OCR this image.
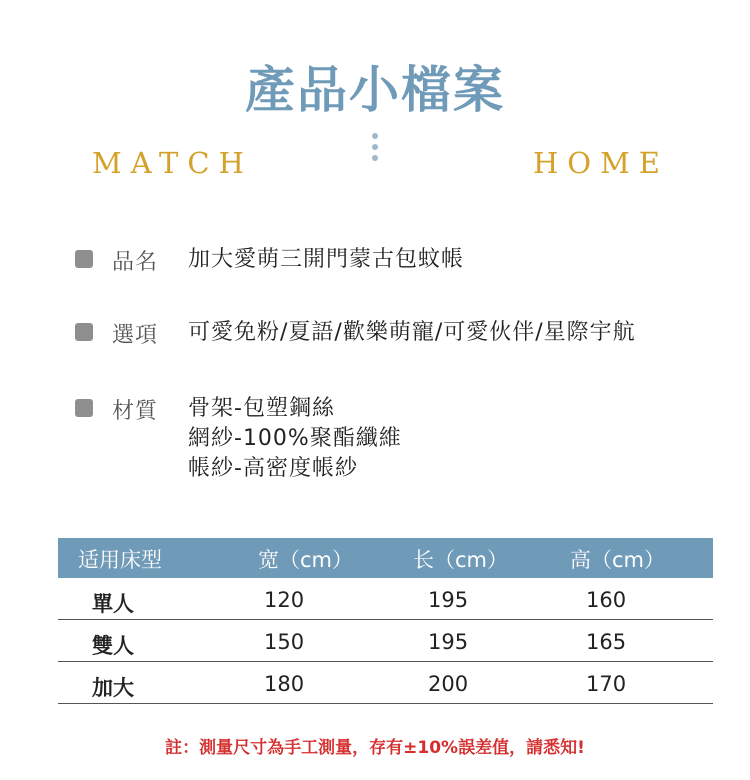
產品小檔案
MATCH	HOME
品名 加大愛萌三開門蒙古包蚊帳
選項 可愛免粉/夏語/歡樂萌寵/可愛伙伴/星際宇航
材質 骨架-包塑鋼絲
網紗-100%聚酯纖維
帳紗-高密度帳紗
适用床型	宽（cm）	长（cm）	高（cm）
單人	120	195	160
雙人	150	195	165
加大	180	200	170
註：測量尺寸為手工測量，存有±10%誤差值，請悉知!
